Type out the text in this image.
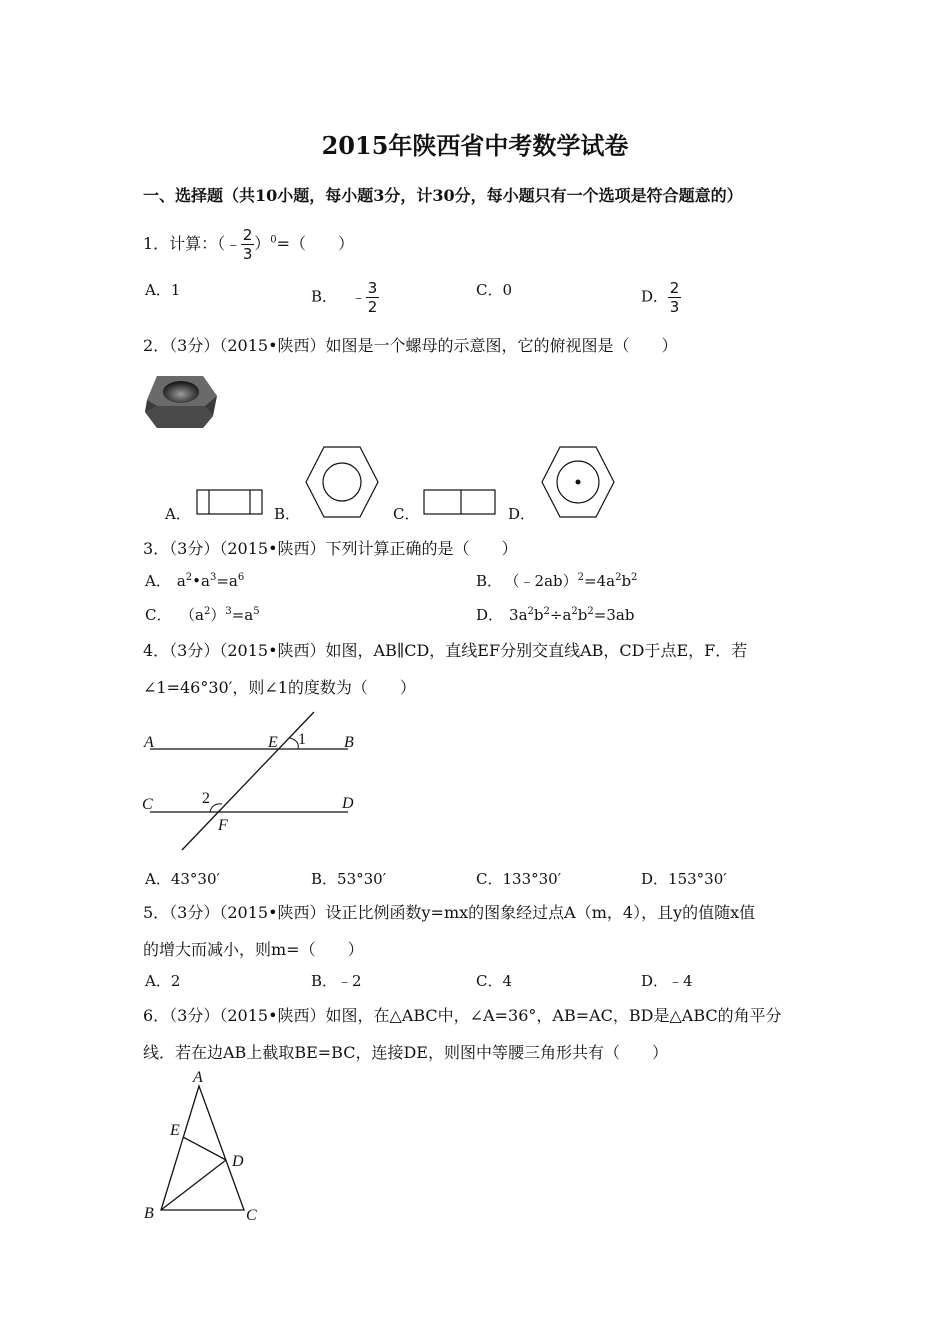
2015年陕西省中考数学试卷
一、选择题（共10小题，每小题3分，计30分，每小题只有一个选项是符合题意的）
1．计算：（﹣ $\frac{2}{3} )^0=$（　　）
A．1	B． ﹣ $\frac{3}{2}$	C．0	D． $\frac{2}{3}$
2．（3分）（2015•陕西）如图是一个螺母的示意图，它的俯视图是（　　）
A．	B．	C．	D．
3．（3分）（2015•陕西）下列计算正确的是（　　）
A． $a^2•a^3=a^6$	B． $(﹣2ab)^2=4a^2b^2$
C． $(a^2)^3=a^5$	D． $3a^2b^2\div a^2b^2=3ab$
4．（3分）（2015•陕西）如图，AB∥CD，直线EF分别交直线AB，CD于点E，F．若
∠1=46°30′，则∠1的度数为（　　）
A	E 1 B
C	2	D
F
A．43°30′	B．53°30′	C．133°30′	D．153°30′
5．（3分）（2015•陕西）设正比例函数y=mx的图象经过点A（m，4），且y的值随x值
的增大而减小，则m=（　　）
A．2	B．﹣2	C．4	D．﹣4
6．（3分）（2015•陕西）如图，在△ABC中，∠A=36°，AB=AC，BD是△ABC的角平分
线．若在边AB上截取BE=BC，连接DE，则图中等腰三角形共有（　　）
A
E
D
B	C
